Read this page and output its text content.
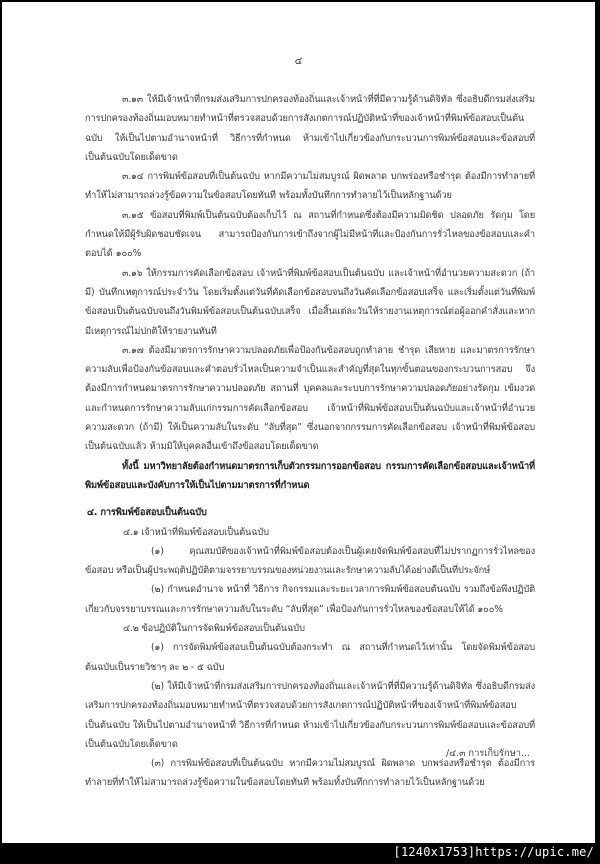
๔

๓.๑๓ ให้มีเจ้าหน้าที่กรมส่งเสริมการปกครองท้องถิ่นและเจ้าหน้าที่ที่มีความรู้ด้านดิจิทัล ซึ่งอธิบดีกรมส่งเสริมการปกครองท้องถิ่นมอบหมายทำหน้าที่ตรวจสอบด้วยการสังเกตการณ์ปฏิบัติหน้าที่ของเจ้าหน้าที่พิมพ์ข้อสอบเป็นต้นฉบับ ให้เป็นไปตามอำนาจหน้าที่ วิธีการที่กำหนด ห้ามเข้าไปเกี่ยวข้องกับกระบวนการพิมพ์ข้อสอบและข้อสอบที่เป็นต้นฉบับโดยเด็ดขาด

๓.๑๔ การพิมพ์ข้อสอบที่เป็นต้นฉบับ หากมีความไม่สมบูรณ์ ผิดพลาด บกพร่องหรือชำรุด ต้องมีการทำลายที่ทำให้ไม่สามารถล่วงรู้ข้อความในข้อสอบโดยทันที พร้อมทั้งบันทึกการทำลายไว้เป็นหลักฐานด้วย

๓.๑๕ ข้อสอบที่พิมพ์เป็นต้นฉบับต้องเก็บไว้ ณ สถานที่กำหนดซึ่งต้องมีความมิดชิด ปลอดภัย รัดกุม โดยกำหนดให้มีผู้รับผิดชอบชัดเจน สามารถป้องกันการเข้าถึงจากผู้ไม่มีหน้าที่และป้องกันการรั่วไหลของข้อสอบและคำตอบได้ ๑๐๐%

๓.๑๖ ให้กรรมการคัดเลือกข้อสอบ เจ้าหน้าที่พิมพ์ข้อสอบเป็นต้นฉบับ และเจ้าหน้าที่อำนวยความสะดวก (ถ้ามี) บันทึกเหตุการณ์ประจำวัน โดยเริ่มตั้งแต่วันที่คัดเลือกข้อสอบจนถึงวันคัดเลือกข้อสอบเสร็จ และเริ่มตั้งแต่วันที่พิมพ์ข้อสอบเป็นต้นฉบับจนถึงวันพิมพ์ข้อสอบเป็นต้นฉบับเสร็จ เมื่อสิ้นแต่ละวันให้รายงานเหตุการณ์ต่อผู้ออกคำสั่งและหากมีเหตุการณ์ไม่ปกติให้รายงานทันที

๓.๑๗ ต้องมีมาตรการรักษาความปลอดภัยเพื่อป้องกันข้อสอบถูกทำลาย ชำรุด เสียหาย และมาตรการรักษาความลับเพื่อป้องกันข้อสอบและคำตอบรั่วไหลเป็นความจำเป็นและสำคัญที่สุดในทุกขั้นตอนของกระบวนการสอบ จึงต้องมีการกำหนดมาตรการรักษาความปลอดภัย สถานที่ บุคคลและระบบการรักษาความปลอดภัยอย่างรัดกุม เข้มงวด และกำหนดการรักษาความลับแก่กรรมการคัดเลือกข้อสอบ เจ้าหน้าที่พิมพ์ข้อสอบเป็นต้นฉบับและเจ้าหน้าที่อำนวยความสะดวก (ถ้ามี) ให้เป็นความลับในระดับ “ลับที่สุด” ซึ่งนอกจากกรรมการคัดเลือกข้อสอบ เจ้าหน้าที่พิมพ์ข้อสอบเป็นต้นฉบับแล้ว ห้ามมิให้บุคคลอื่นเข้าถึงข้อสอบโดยเด็ดขาด

ทั้งนี้ มหาวิทยาลัยต้องกำหนดมาตรการเก็บตัวกรรมการออกข้อสอบ กรรมการคัดเลือกข้อสอบและเจ้าหน้าที่พิมพ์ข้อสอบและบังคับการให้เป็นไปตามมาตรการที่กำหนด

๔. การพิมพ์ข้อสอบเป็นต้นฉบับ

๔.๑ เจ้าหน้าที่พิมพ์ข้อสอบเป็นต้นฉบับ

(๑) คุณสมบัติของเจ้าหน้าที่พิมพ์ข้อสอบต้องเป็นผู้เคยจัดพิมพ์ข้อสอบที่ไม่ปรากฏการรั่วไหลของข้อสอบ หรือเป็นผู้ประพฤติปฏิบัติตามจรรยาบรรณของหน่วยงานและรักษาความลับได้อย่างดีเป็นที่ประจักษ์

(๒) กำหนดอำนาจ หน้าที่ วิธีการ กิจกรรมและระยะเวลาการพิมพ์ข้อสอบต้นฉบับ รวมถึงข้อพึงปฏิบัติเกี่ยวกับจรรยาบรรณและการรักษาความลับในระดับ “ลับที่สุด” เพื่อป้องกันการรั่วไหลของข้อสอบให้ได้ ๑๐๐%

๔.๒ ข้อปฏิบัติในการจัดพิมพ์ข้อสอบเป็นต้นฉบับ

(๑) การจัดพิมพ์ข้อสอบเป็นต้นฉบับต้องกระทำ ณ สถานที่กำหนดไว้เท่านั้น โดยจัดพิมพ์ข้อสอบต้นฉบับเป็นรายวิชาๆ ละ ๒ - ๕ ฉบับ

(๒) ให้มีเจ้าหน้าที่กรมส่งเสริมการปกครองท้องถิ่นและเจ้าหน้าที่ที่มีความรู้ด้านดิจิทัล ซึ่งอธิบดีกรมส่งเสริมการปกครองท้องถิ่นมอบหมายทำหน้าที่ตรวจสอบด้วยการสังเกตการณ์ปฏิบัติหน้าที่ของเจ้าหน้าที่พิมพ์ข้อสอบเป็นต้นฉบับ ให้เป็นไปตามอำนาจหน้าที่ วิธีการที่กำหนด ห้ามเข้าไปเกี่ยวข้องกับกระบวนการพิมพ์ข้อสอบและข้อสอบที่เป็นต้นฉบับโดยเด็ดขาด

(๓) การพิมพ์ข้อสอบที่เป็นต้นฉบับ หากมีความไม่สมบูรณ์ ผิดพลาด บกพร่องหรือชำรุด ต้องมีการทำลายที่ทำให้ไม่สามารถล่วงรู้ข้อความในข้อสอบโดยทันที พร้อมทั้งบันทึกการทำลายไว้เป็นหลักฐานด้วย

/๔.๓ การเก็บรักษา...
[1240x1753]https://upic.me/
